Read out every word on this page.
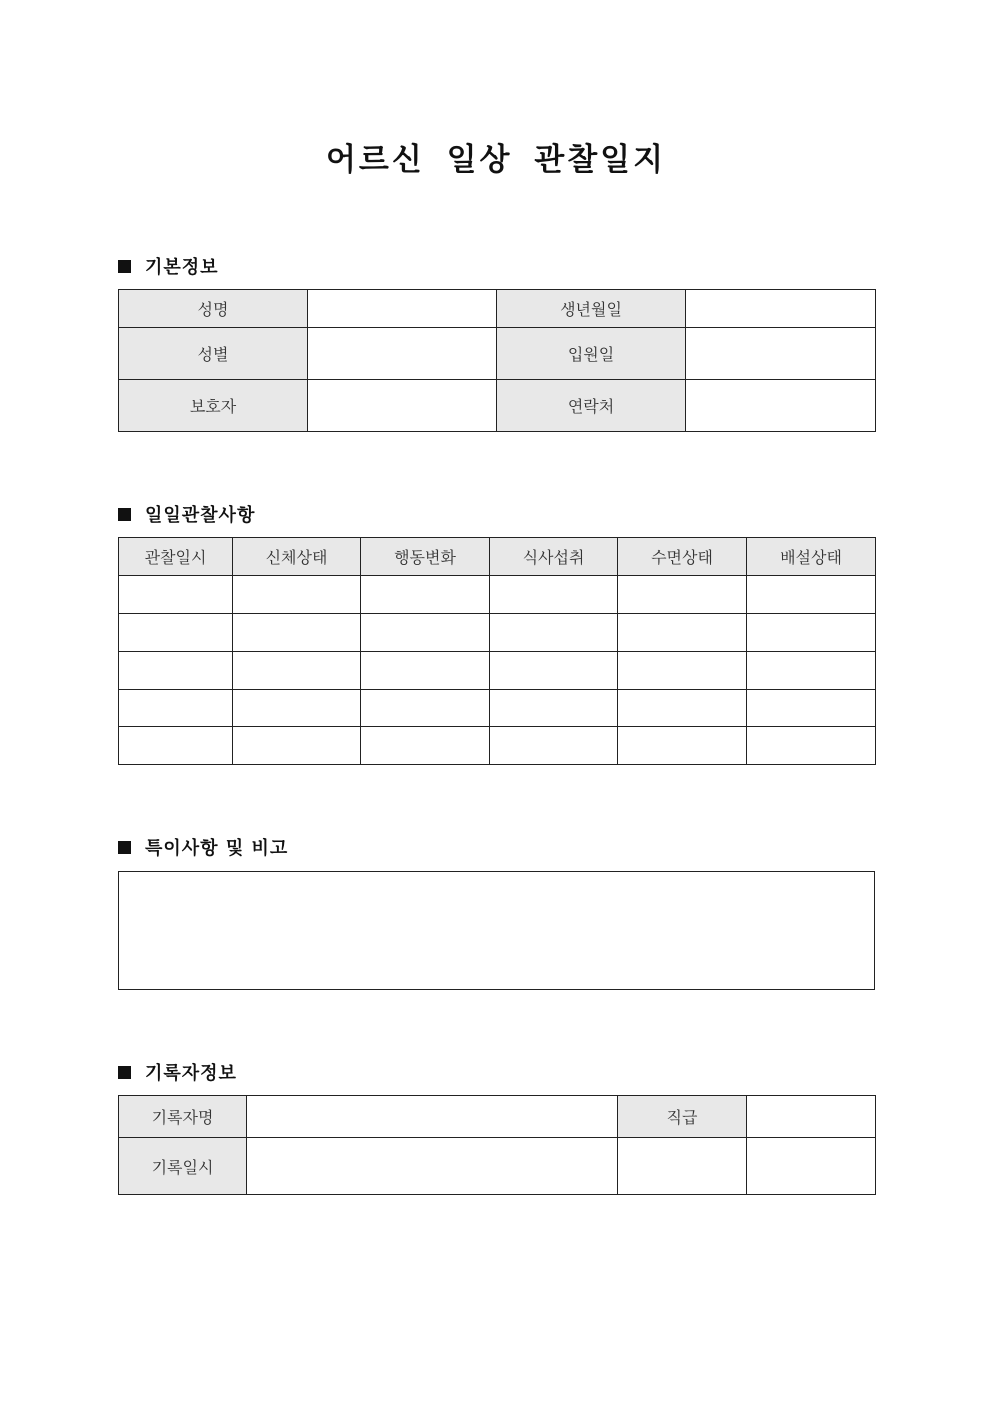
어르신 일상 관찰일지
기본정보
성명		생년월일	
성별		입원일	
보호자		연락처	
일일관찰사항
관찰일시	신체상태	행동변화	식사섭취	수면상태	배설상태

특이사항 및 비고
기록자정보
기록자명		직급	
기록일시			
